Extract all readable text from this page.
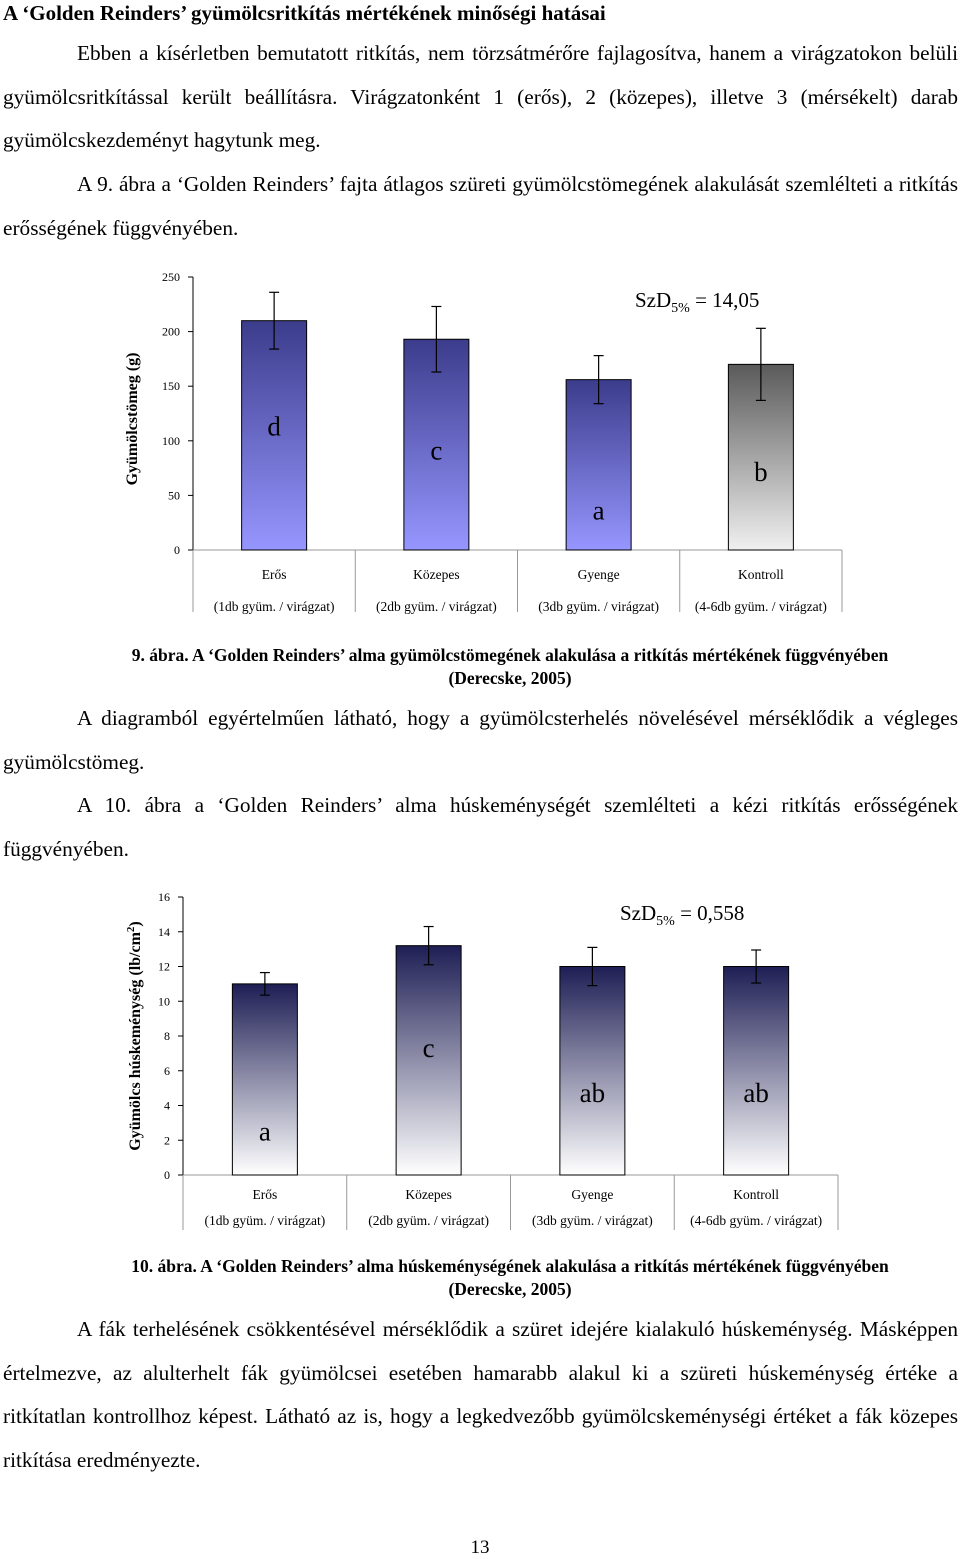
A ‘Golden Reinders’ gyümölcsritkítás mértékének minőségi hatásai

Ebben a kísérletben bemutatott ritkítás, nem törzsátmérőre fajlagosítva, hanem a virágzatokon belüli gyümölcsritkítással került beállításra. Virágzatonként 1 (erős), 2 (közepes), illetve 3 (mérsékelt) darab gyümölcskezdeményt hagytunk meg.

A 9. ábra a ‘Golden Reinders’ fajta átlagos szüreti gyümölcstömegének alakulását szemlélteti a ritkítás erősségének függvényében.

0
50
100
150
200
250
d
Erős
(1db gyüm. / virágzat)
c
Közepes
(2db gyüm. / virágzat)
a
Gyenge
(3db gyüm. / virágzat)
b
Kontroll
(4-6db gyüm. / virágzat)
SzD$_{5\%}$ = 14,05
Gyümölcstömeg (g)

9. ábra. A ‘Golden Reinders’ alma gyümölcstömegének alakulása a ritkítás mértékének függvényében (Derecske, 2005)

A diagramból egyértelműen látható, hogy a gyümölcsterhelés növelésével mérséklődik a végleges gyümölcstömeg.

A 10. ábra a ‘Golden Reinders’ alma húskeménységét szemlélteti a kézi ritkítás erősségének függvényében.

0
2
4
6
8
10
12
14
16
a
Erős
(1db gyüm. / virágzat)
c
Közepes
(2db gyüm. / virágzat)
ab
Gyenge
(3db gyüm. / virágzat)
ab
Kontroll
(4-6db gyüm. / virágzat)
SzD$_{5\%}$ = 0,558
Gyümölcs húskeménység $(lb/cm^2)$

10. ábra. A ‘Golden Reinders’ alma húskeménységének alakulása a ritkítás mértékének függvényében (Derecske, 2005)

A fák terhelésének csökkentésével mérséklődik a szüret idejére kialakuló húskeménység. Másképpen értelmezve, az alulterhelt fák gyümölcsei esetében hamarabb alakul ki a szüreti húskeménység értéke a ritkítatlan kontrollhoz képest. Látható az is, hogy a legkedvezőbb gyümölcskeménységi értéket a fák közepes ritkítása eredményezte.

13
